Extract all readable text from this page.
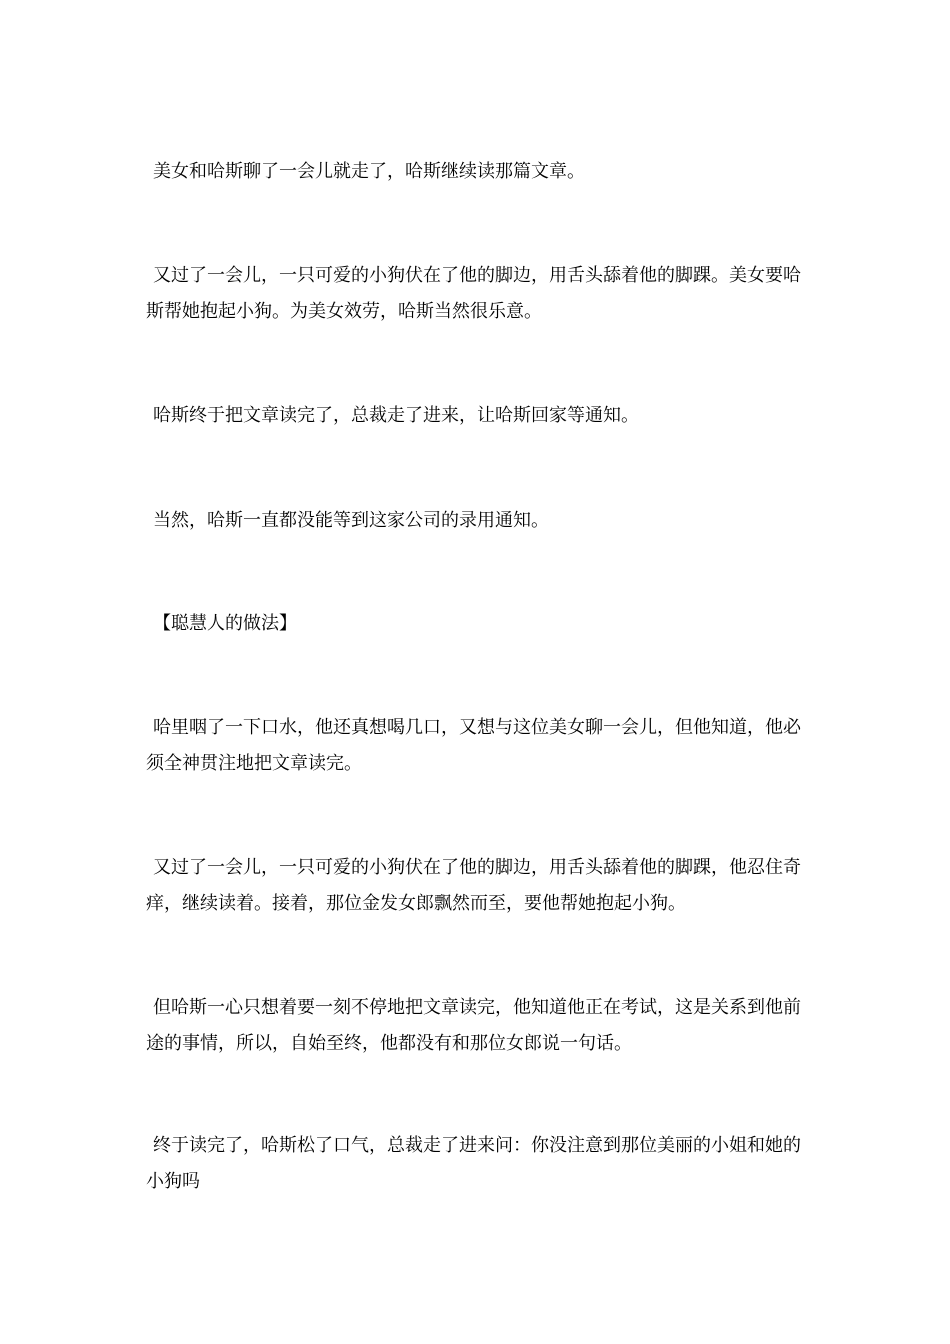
美女和哈斯聊了一会儿就走了，哈斯继续读那篇文章。

又过了一会儿，一只可爱的小狗伏在了他的脚边，用舌头舔着他的脚踝。美女要哈斯帮她抱起小狗。为美女效劳，哈斯当然很乐意。

哈斯终于把文章读完了，总裁走了进来，让哈斯回家等通知。

当然，哈斯一直都没能等到这家公司的录用通知。

【聪慧人的做法】

哈里咽了一下口水，他还真想喝几口，又想与这位美女聊一会儿，但他知道，他必须全神贯注地把文章读完。

又过了一会儿，一只可爱的小狗伏在了他的脚边，用舌头舔着他的脚踝，他忍住奇痒，继续读着。接着，那位金发女郎飘然而至，要他帮她抱起小狗。

但哈斯一心只想着要一刻不停地把文章读完，他知道他正在考试，这是关系到他前途的事情，所以，自始至终，他都没有和那位女郎说一句话。

终于读完了，哈斯松了口气，总裁走了进来问：你没注意到那位美丽的小姐和她的小狗吗
